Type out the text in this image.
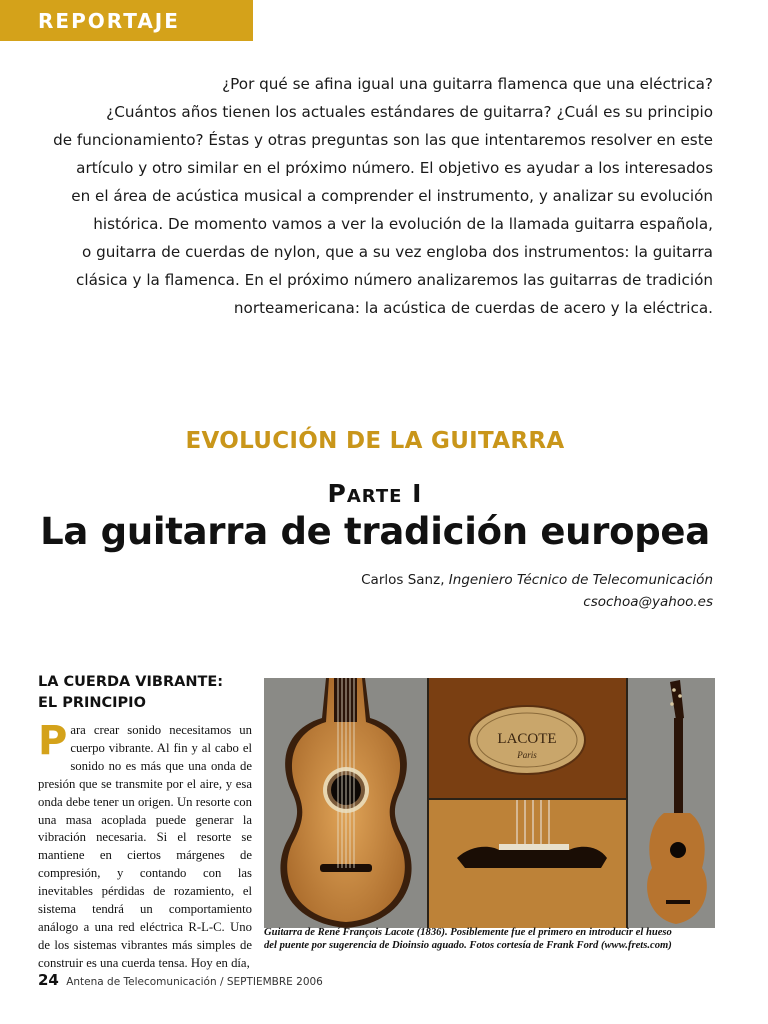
REPORTAJE
¿Por qué se afina igual una guitarra flamenca que una eléctrica?
¿Cuántos años tienen los actuales estándares de guitarra? ¿Cuál es su principio
de funcionamiento? Éstas y otras preguntas son las que intentaremos resolver en este
artículo y otro similar en el próximo número. El objetivo es ayudar a los interesados
en el área de acústica musical a comprender el instrumento, y analizar su evolución
histórica. De momento vamos a ver la evolución de la llamada guitarra española,
o guitarra de cuerdas de nylon, que a su vez engloba dos instrumentos: la guitarra
clásica y la flamenca. En el próximo número analizaremos las guitarras de tradición
norteamericana: la acústica de cuerdas de acero y la eléctrica.
EVOLUCIÓN DE LA GUITARRA
Parte I
La guitarra de tradición europea
Carlos Sanz, Ingeniero Técnico de Telecomunicación
csochoa@yahoo.es
LA CUERDA VIBRANTE:
EL PRINCIPIO
Para crear sonido necesitamos un cuerpo vibrante. Al fin y al cabo el sonido no es más que una onda de presión que se transmite por el aire, y esa onda debe tener un origen. Un resorte con una masa acoplada puede generar la vibración necesaria. Si el resorte se mantiene en ciertos márgenes de compresión, y contando con las inevitables pérdidas de rozamiento, el sistema tendrá un comportamiento análogo a una red eléctrica R-L-C. Uno de los sistemas vibrantes más simples de construir es una cuerda tensa. Hoy en día,
LACOTE
Paris
Guitarra de René François Lacote (1836). Posiblemente fue el primero en introducir el hueso
del puente por sugerencia de Dioinsio aguado. Fotos cortesía de Frank Ford (www.frets.com)
24 Antena de Telecomunicación / SEPTIEMBRE 2006
